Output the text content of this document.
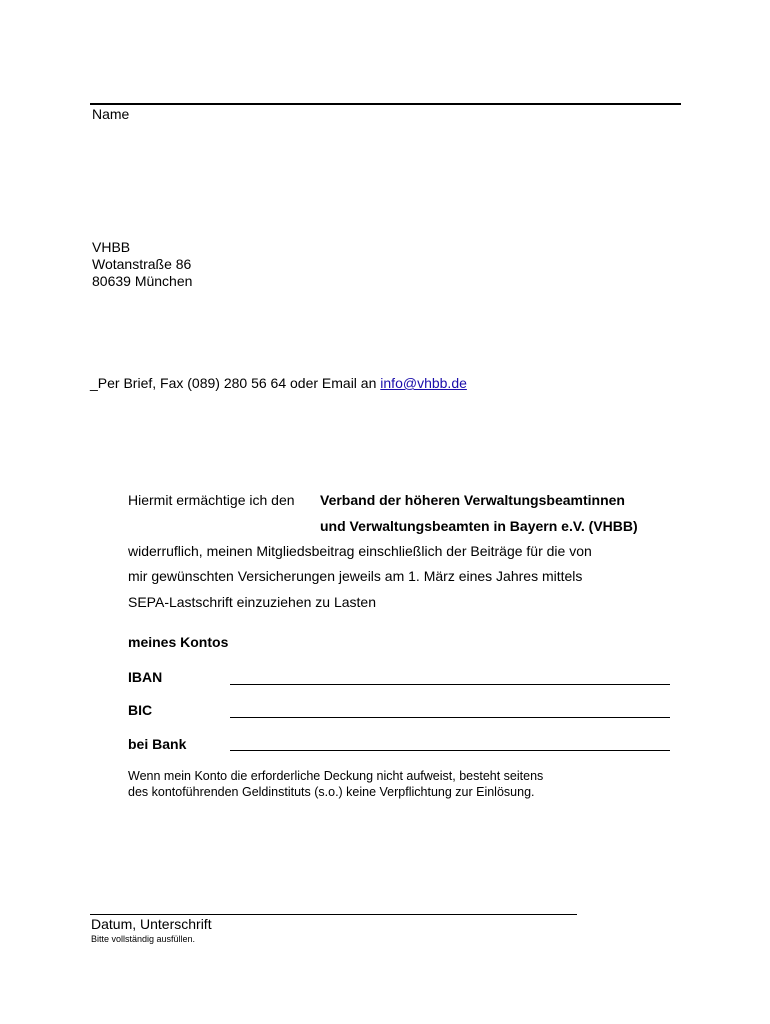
Name
VHBB
Wotanstraße 86
80639 München
_Per Brief, Fax (089) 280 56 64 oder Email an info@vhbb.de
Hiermit ermächtige ich den Verband der höheren Verwaltungsbeamtinnen
und Verwaltungsbeamten in Bayern e.V. (VHBB)
widerruflich, meinen Mitgliedsbeitrag einschließlich der Beiträge für die von
mir gewünschten Versicherungen jeweils am 1. März eines Jahres mittels
SEPA-Lastschrift einzuziehen zu Lasten
meines Kontos
IBAN
BIC
bei Bank
Wenn mein Konto die erforderliche Deckung nicht aufweist, besteht seitens
des kontoführenden Geldinstituts (s.o.) keine Verpflichtung zur Einlösung.
Datum, Unterschrift
Bitte vollständig ausfüllen.
